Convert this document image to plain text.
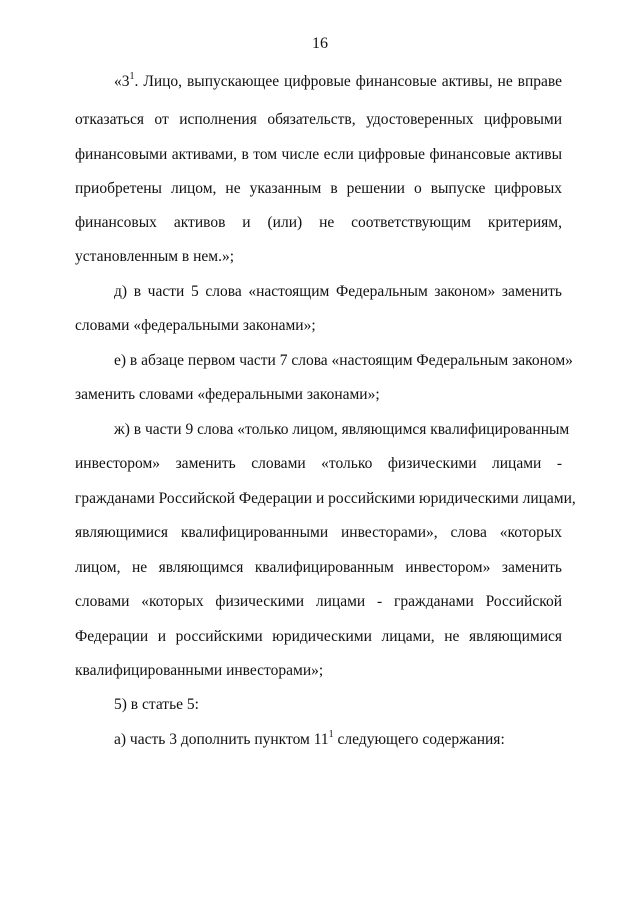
16
«$3^1$. Лицо, выпускающее цифровые финансовые активы, не вправе
отказаться от исполнения обязательств, удостоверенных цифровыми
финансовыми активами, в том числе если цифровые финансовые активы
приобретены лицом, не указанным в решении о выпуске цифровых
финансовых активов и (или) не соответствующим критериям,
установленным в нем.»;
д) в части 5 слова «настоящим Федеральным законом» заменить
словами «федеральными законами»;
е) в абзаце первом части 7 слова «настоящим Федеральным законом»
заменить словами «федеральными законами»;
ж) в части 9 слова «только лицом, являющимся квалифицированным
инвестором» заменить словами «только физическими лицами -
гражданами Российской Федерации и российскими юридическими лицами,
являющимися квалифицированными инвесторами», слова «которых
лицом, не являющимся квалифицированным инвестором» заменить
словами «которых физическими лицами - гражданами Российской
Федерации и российскими юридическими лицами, не являющимися
квалифицированными инвесторами»;
5) в статье 5:
а) часть 3 дополнить пунктом $11^1$ следующего содержания:
